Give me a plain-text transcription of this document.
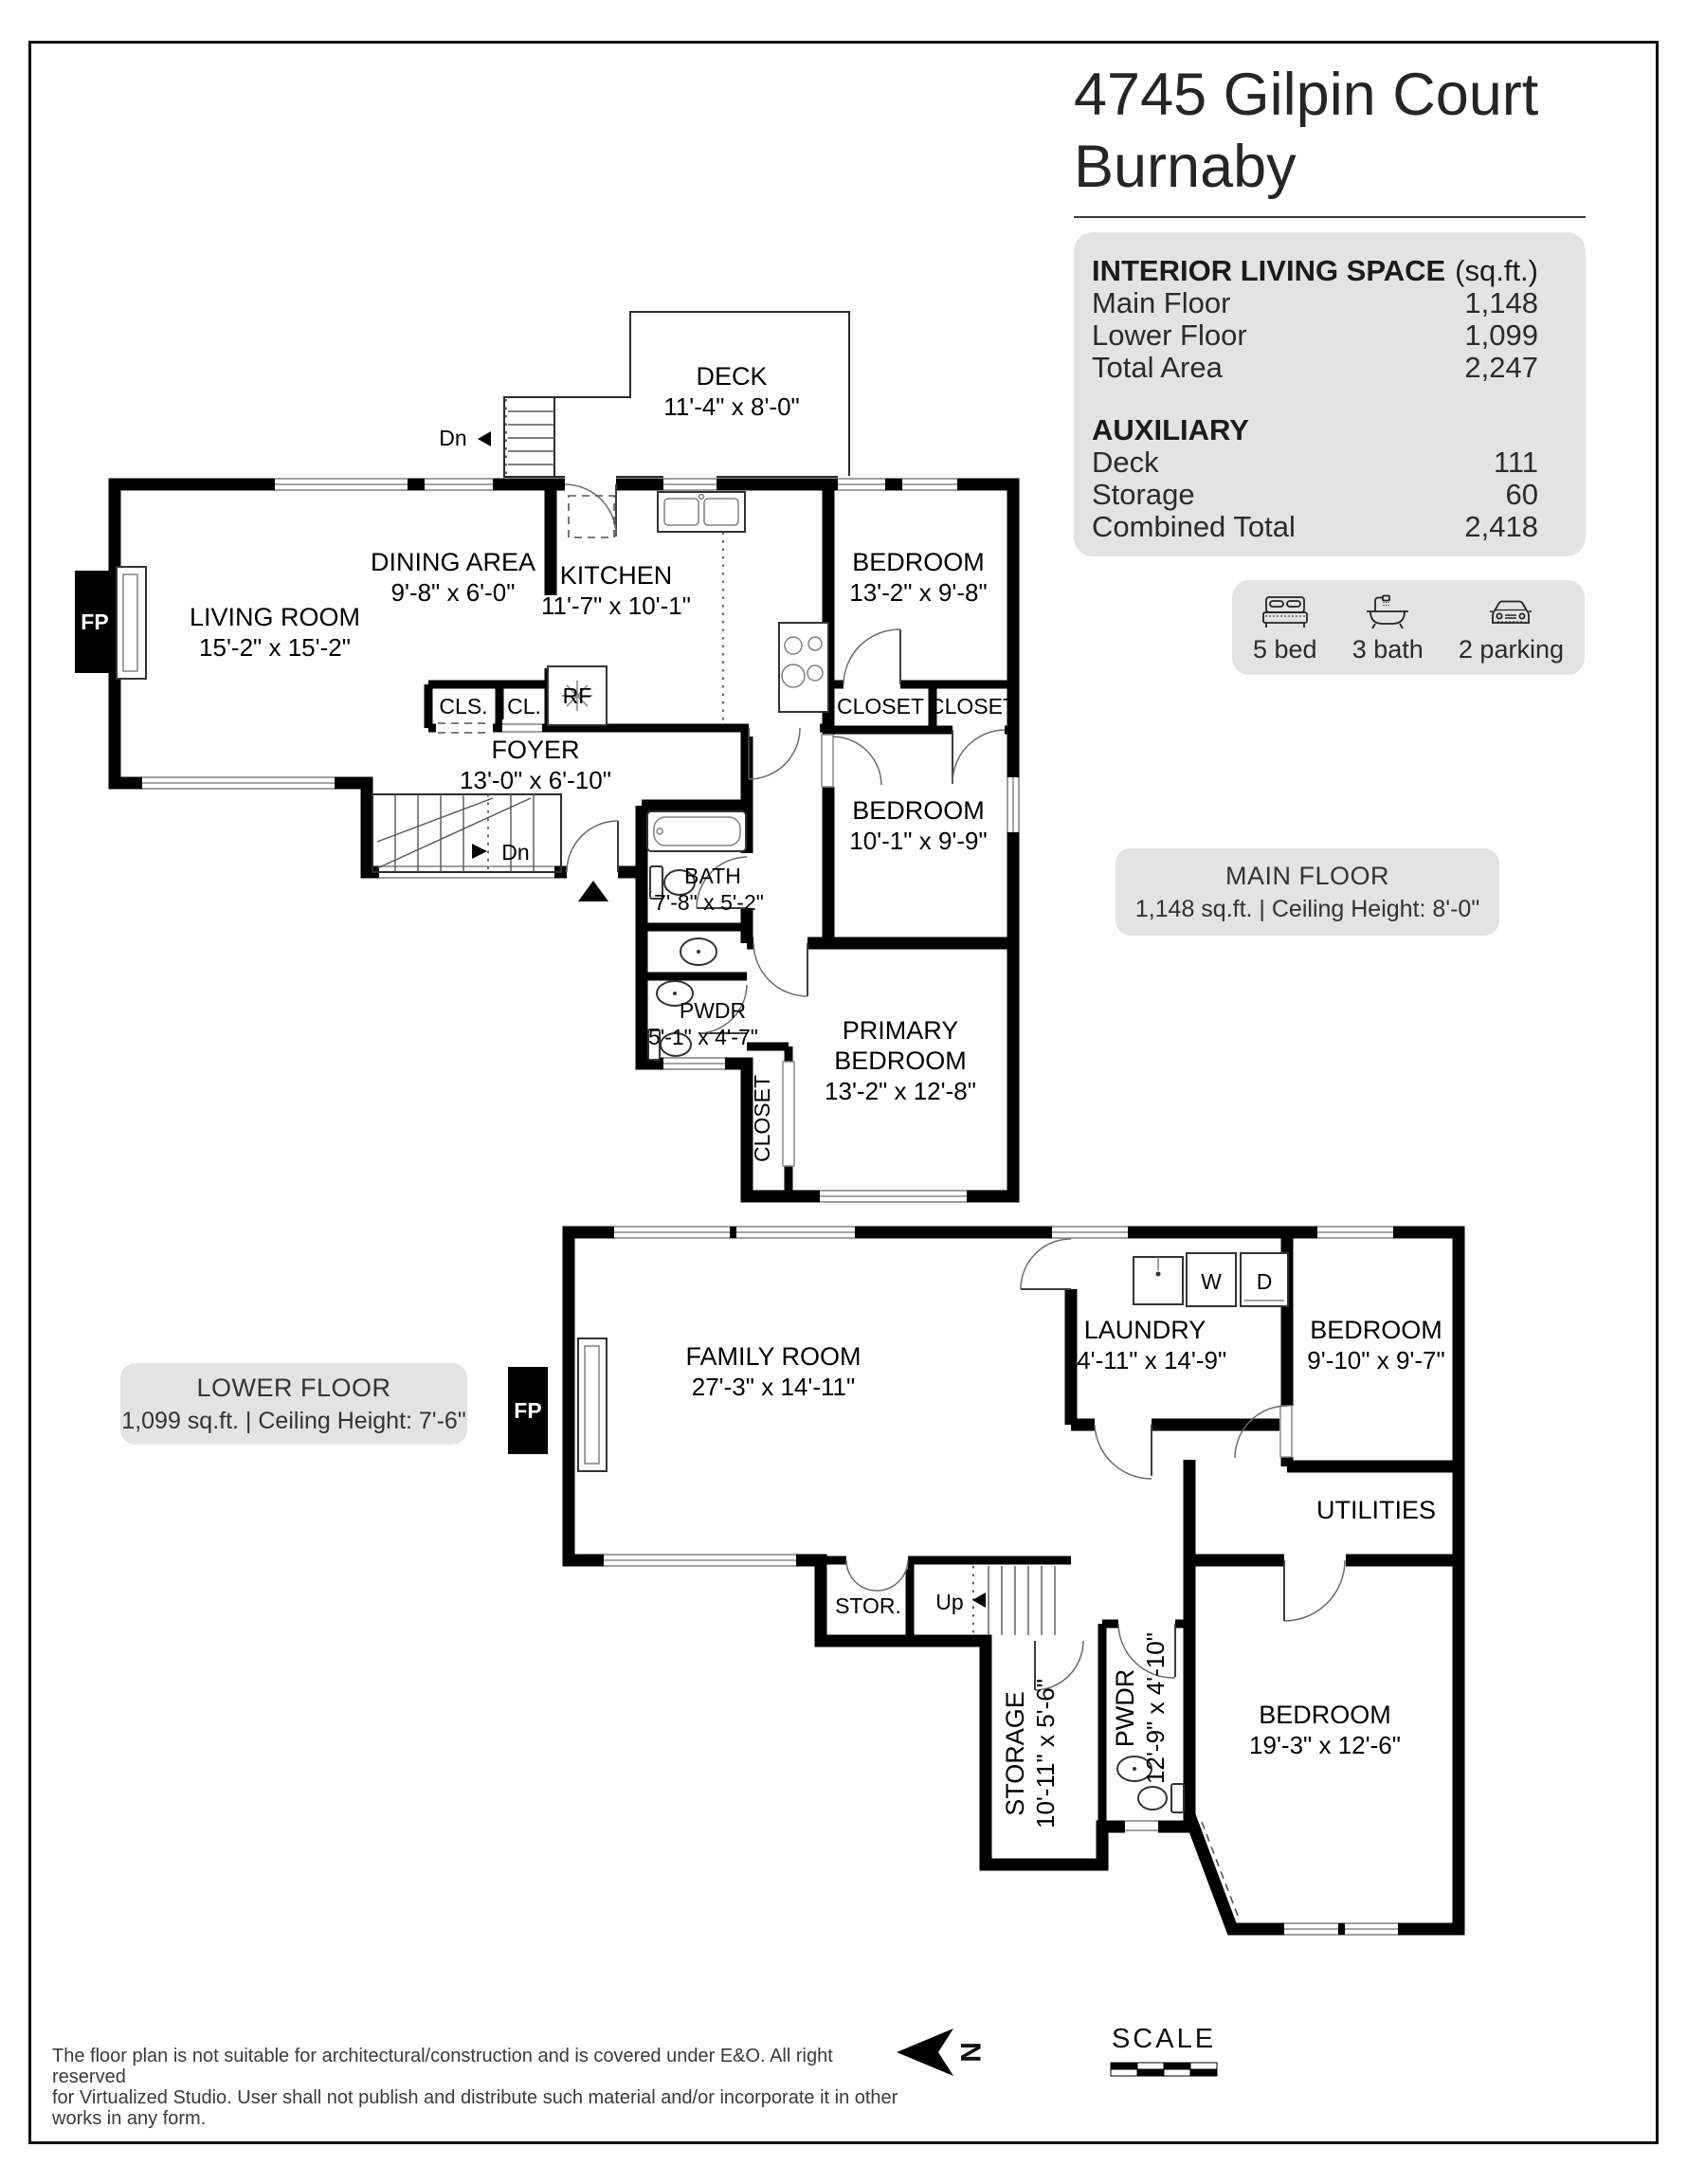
4745 Gilpin Court
Bur​naby
INTERIOR LIVING SPACE (sq.ft.)
Main Floor	1,148
Lower Floor	1,099
Total Area	2,247
AUXILIARY
Deck	111
Storage	60
Combined Total	2,418
5 bed 3 bath 2 parking
MAIN FLOOR
1,148 sq.ft. | Ceiling Height: 8'-0"
LOWER FLOOR
1,099 sq.ft. | Ceiling Height: 7'-6"
The floor plan is not suitable for architectural/construction and is covered under E&O. All right reserved
for Virtualized Studio. User shall not publish and distribute such material and/or incorporate it in other
works in any form.
DECK
11'-4" x 8'-0"
Dn
LIVING ROOM
15'-2" x 15'-2"
FP
DINING AREA
9'-8" x 6'-0"
KITCHEN
11'-7" x 10'-1"
BEDROOM
13'-2" x 9'-8"
CLS. CL. RF	CLOSET CLOSET
FOYER
13'-0" x 6'-10"
Dn
BEDROOM
10'-1" x 9'-9"
BATH
7'-8" x 5'-2"
PWDR
5'-1" x 4'-7"
CLOSET
PRIMARY
BEDROOM
13'-2" x 12'-8"
FAMILY ROOM
27'-3" x 14'-11"
FP
LAUNDRY
14'-11" x 14'-9"
W D
BEDROOM
9'-10" x 9'-7"
UTILITIES
STOR. Up
STORAGE 10'-11" x 5'-6" PWDR 12'-9" x 4'-10"	BEDROOM
19'-3" x 12'-6"
N	SCALE
